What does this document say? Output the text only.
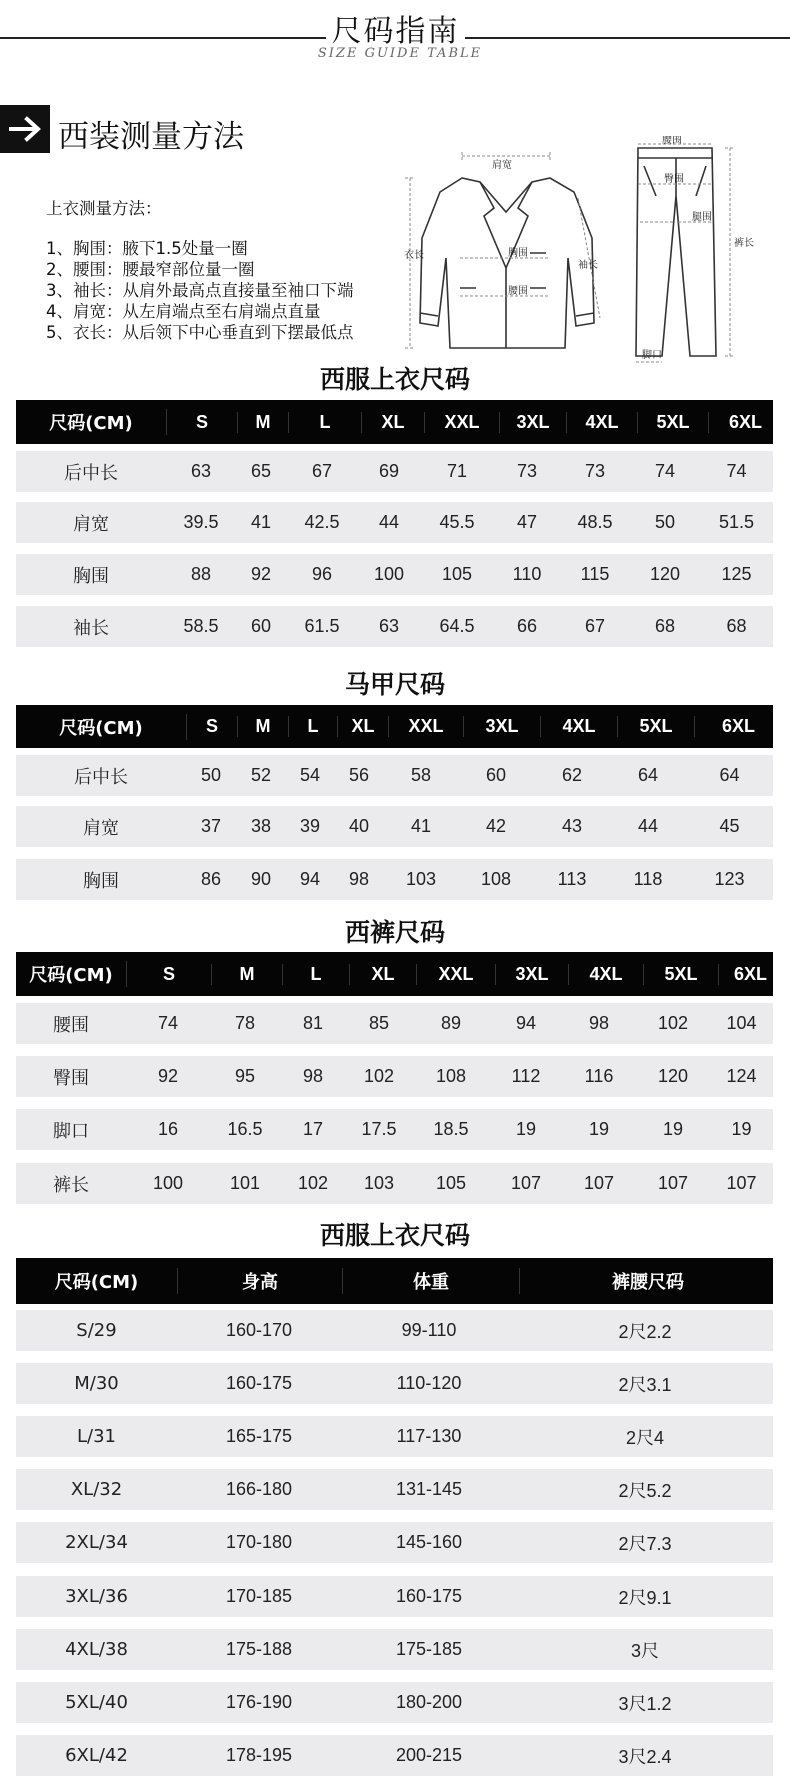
尺码指南
SIZE GUIDE TABLE
西装测量方法
上衣测量方法：
1、胸围：腋下1.5处量一圈
2、腰围：腰最窄部位量一圈
3、袖长：从肩外最高点直接量至袖口下端
4、肩宽：从左肩端点至右肩端点直量
5、衣长：从后领下中心垂直到下摆最低点
肩宽
衣长	胸围
腰围
袖长
腰围
臀围
腿围
裤长
脚口
西服上衣尺码
尺码(CM)	S	M	L	XL	XXL	3XL	4XL	5XL	6XL
后中长	63	65	67	69	71	73	73	74	74
肩宽	39.5	41	42.5	44	45.5	47	48.5	50	51.5
胸围	88	92	96	100	105	110	115	120	125
袖长	58.5	60	61.5	63	64.5	66	67	68	68
马甲尺码
尺码(CM)	S	M	L	XL	XXL	3XL	4XL	5XL	6XL
后中长	50	52	54	56	58	60	62	64	64
肩宽	37	38	39	40	41	42	43	44	45
胸围	86	90	94	98	103	108	113	118	123
西裤尺码
尺码(CM)	S	M	L	XL	XXL	3XL	4XL	5XL	6XL
腰围	74	78	81	85	89	94	98	102	104
臀围	92	95	98	102	108	112	116	120	124
脚口	16	16.5	17	17.5	18.5	19	19	19	19
裤长	100	101	102	103	105	107	107	107	107
西服上衣尺码
尺码(CM)	身高	体重	裤腰尺码
S/29	160-170	99-110	2尺2.2
M/30	160-175	110-120	2尺3.1
L/31	165-175	117-130	2尺4
XL/32	166-180	131-145	2尺5.2
2XL/34	170-180	145-160	2尺7.3
3XL/36	170-185	160-175	2尺9.1
4XL/38	175-188	175-185	3尺
5XL/40	176-190	180-200	3尺1.2
6XL/42	178-195	200-215	3尺2.4
